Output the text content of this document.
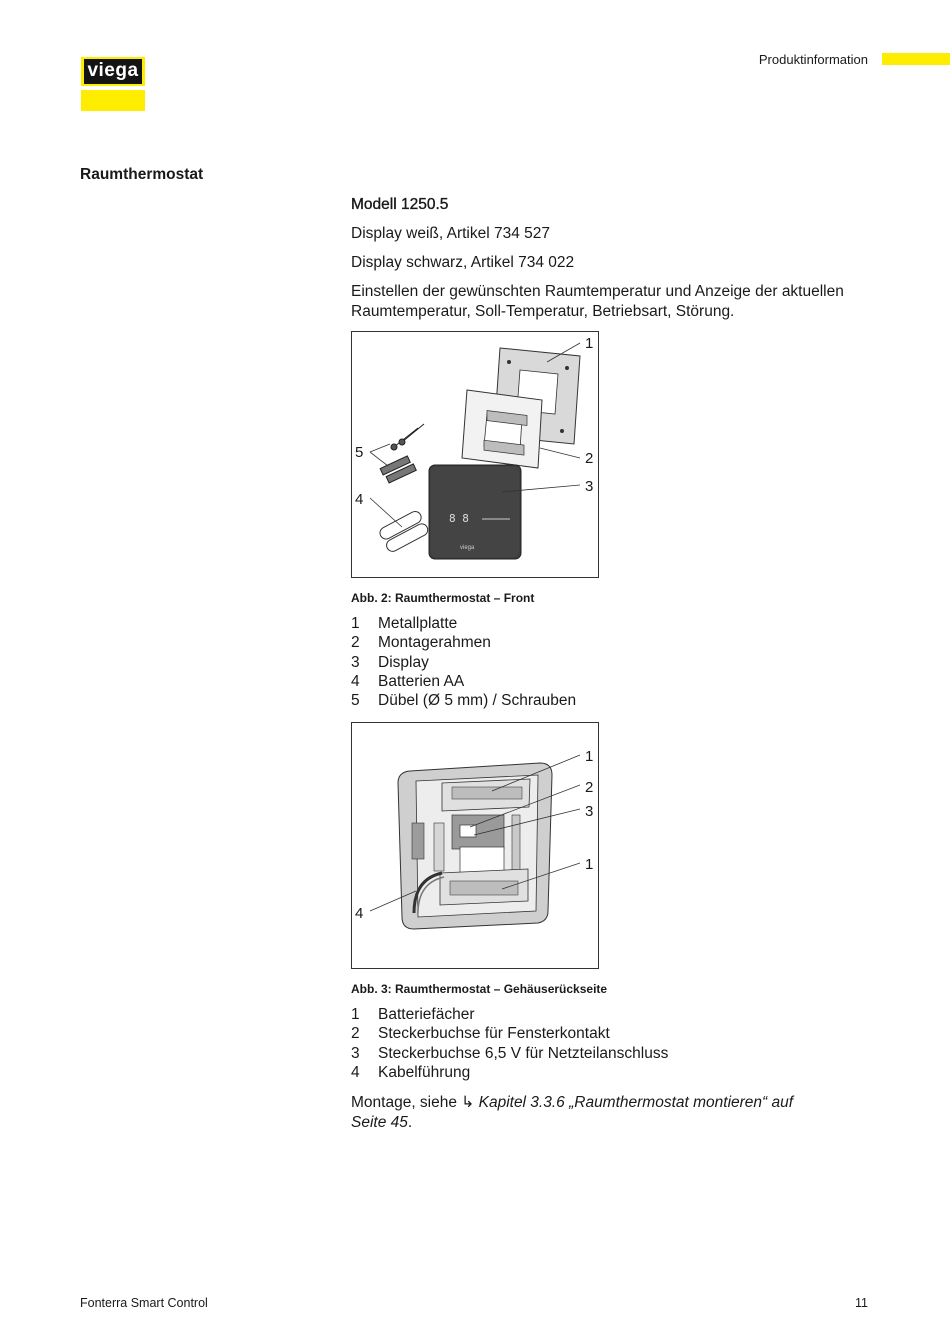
viega
Produktinformation
Raumthermostat
Modell 1250.5
Display weiß, Artikel 734 527
Display schwarz, Artikel 734 022
Einstellen der gewünschten Raumtemperatur und Anzeige der aktuellen Raumtemperatur, Soll-Temperatur, Betriebsart, Störung.
8 8
viega
1
2
3
4
5
Abb. 2: Raumthermostat – Front
1 Metallplatte
2 Montagerahmen
3 Display
4 Batterien AA
5 Dübel (Ø 5 mm) / Schrauben
1
2
3
1
4
Abb. 3: Raumthermostat – Gehäuserückseite
1 Batteriefächer
2 Steckerbuchse für Fensterkontakt
3 Steckerbuchse 6,5 V für Netzteilanschluss
4 Kabelführung
Montage, siehe ↳ Kapitel 3.3.6 „Raumthermostat montieren“ auf Seite 45.
Fonterra Smart Control	11
